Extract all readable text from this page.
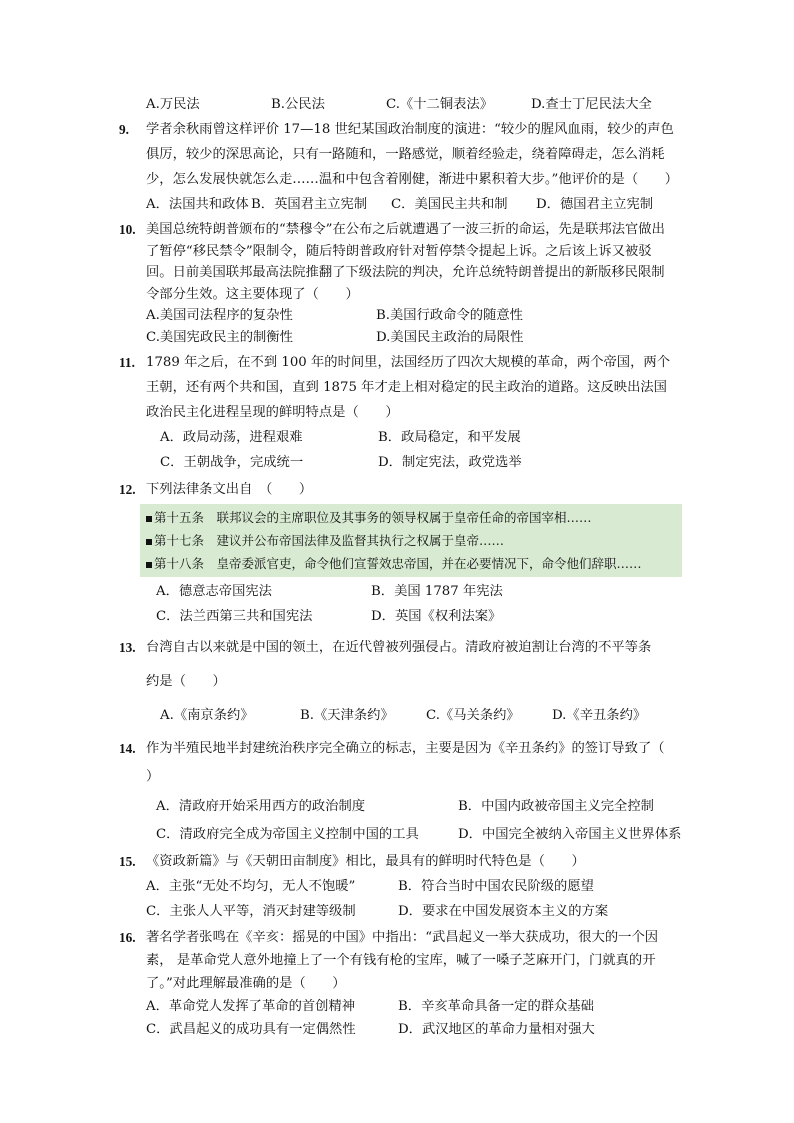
A.万民法	B.公民法	C.《十二铜表法》	D.查士丁尼民法大全
9. 学者余秋雨曾这样评价 17—18 世纪某国政治制度的演进：“较少的腥风血雨，较少的声色俱厉，较少的深思高论，只有一路随和，一路感觉，顺着经验走，绕着障碍走，怎么消耗少，怎么发展快就怎么走……温和中包含着刚健，渐进中累积着大步。”他评价的是（　　）
A．法国共和政体 B．英国君主立宪制	C．美国民主共和制	D．德国君主立宪制
10. 美国总统特朗普颁布的“禁穆令”在公布之后就遭遇了一波三折的命运，先是联邦法官做出了暂停“移民禁令”限制令，随后特朗普政府针对暂停禁令提起上诉。之后该上诉又被驳回。日前美国联邦最高法院推翻了下级法院的判决，允许总统特朗普提出的新版移民限制令部分生效。这主要体现了（　　）
A.美国司法程序的复杂性	B.美国行政命令的随意性
C.美国宪政民主的制衡性	D.美国民主政治的局限性
11. 1789 年之后，在不到 100 年的时间里，法国经历了四次大规模的革命，两个帝国，两个王朝，还有两个共和国，直到 1875 年才走上相对稳定的民主政治的道路。这反映出法国政治民主化进程呈现的鲜明特点是（　　）
A．政局动荡，进程艰难	B．政局稳定，和平发展
C．王朝战争，完成统一	D．制定宪法，政党选举
12. 下列法律条文出自　（　　）
第十五条　联邦议会的主席职位及其事务的领导权属于皇帝任命的帝国宰相……
第十七条　建议并公布帝国法律及监督其执行之权属于皇帝……
第十八条　皇帝委派官吏，命令他们宣誓效忠帝国，并在必要情况下，命令他们辞职……
A．德意志帝国宪法	B．美国 1787 年宪法
C．法兰西第三共和国宪法	D．英国《权利法案》
13. 台湾自古以来就是中国的领土，在近代曾被列强侵占。清政府被迫割让台湾的不平等条
约是（　　）
A.《南京条约》	B.《天津条约》	C.《马关条约》	D.《辛丑条约》
14. 作为半殖民地半封建统治秩序完全确立的标志，主要是因为《辛丑条约》的签订导致了（　　）
A．清政府开始采用西方的政治制度	B．中国内政被帝国主义完全控制
C．清政府完全成为帝国主义控制中国的工具	D．中国完全被纳入帝国主义世界体系
15. 《资政新篇》与《天朝田亩制度》相比，最具有的鲜明时代特色是（　　）
A．主张“无处不均匀，无人不饱暖”	B．符合当时中国农民阶级的愿望
C．主张人人平等，消灭封建等级制	D．要求在中国发展资本主义的方案
16. 著名学者张鸣在《辛亥：摇晃的中国》中指出：“武昌起义一举大获成功，很大的一个因素， 是革命党人意外地撞上了一个有钱有枪的宝库，喊了一嗓子芝麻开门，门就真的开了。”对此理解最准确的是（　　）
A．革命党人发挥了革命的首创精神	B．辛亥革命具备一定的群众基础
C．武昌起义的成功具有一定偶然性	D．武汉地区的革命力量相对强大
